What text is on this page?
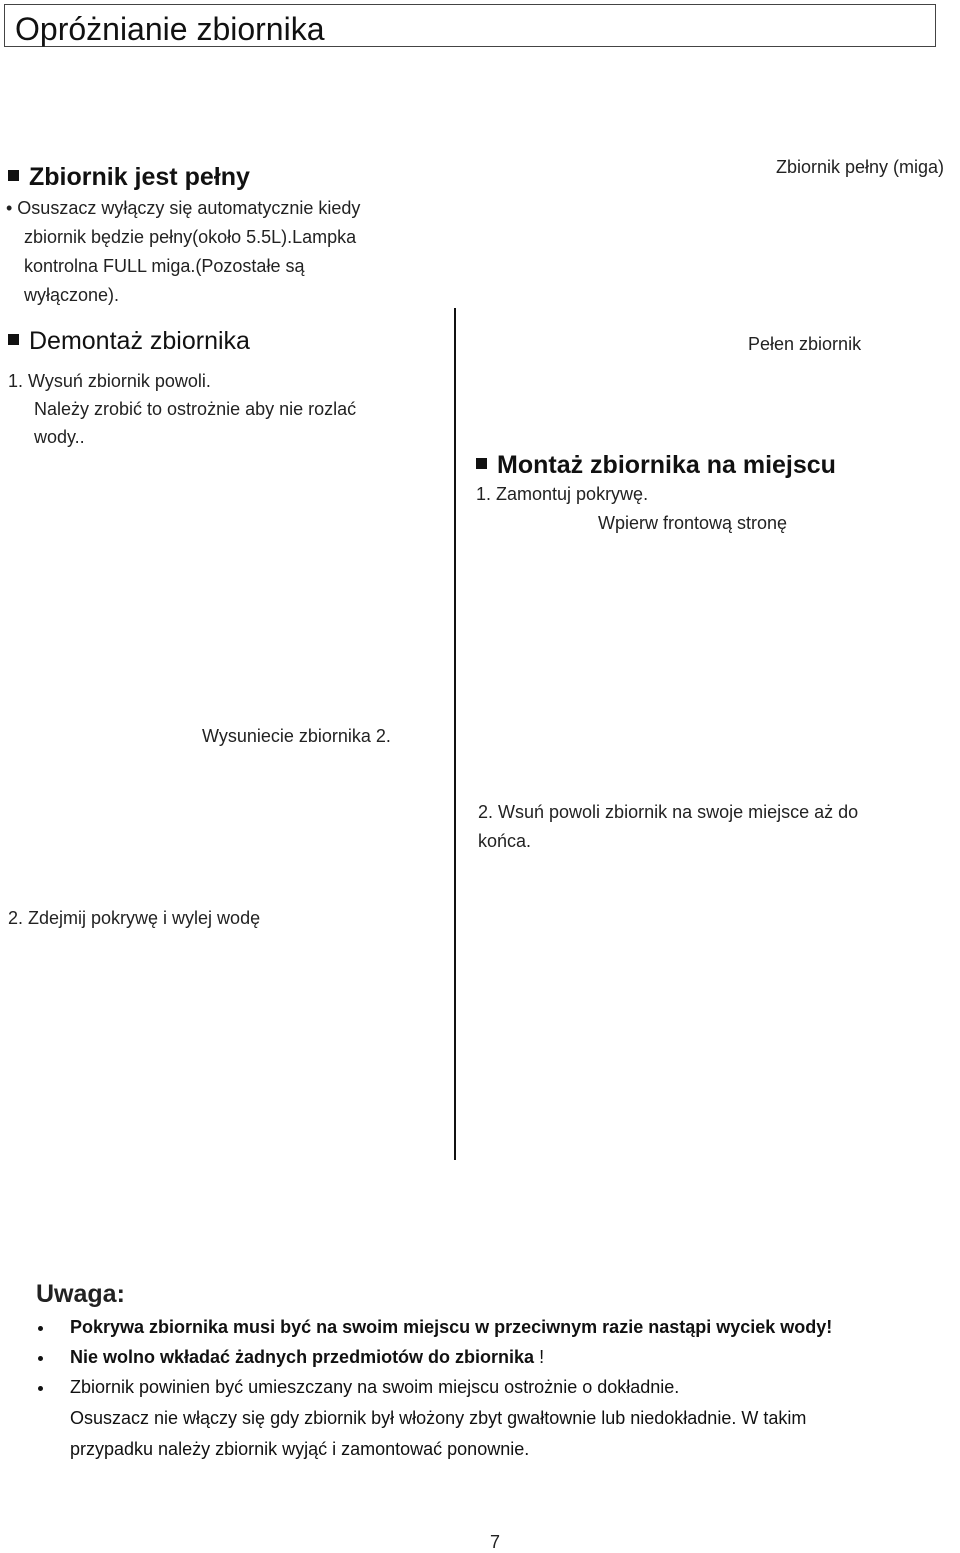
Opróżnianie zbiornika
Zbiornik jest pełny
• Osuszacz wyłączy się automatycznie kiedy
zbiornik będzie pełny(około 5.5L).Lampka
kontrolna FULL miga.(Pozostałe są
wyłączone).
Demontaż zbiornika
1. Wysuń zbiornik powoli.
Należy zrobić to ostrożnie aby nie rozlać
wody..
Wysuniecie zbiornika 2.
2. Zdejmij pokrywę i wylej wodę
Zbiornik pełny (miga)
Pełen zbiornik
Montaż zbiornika na miejscu
1. Zamontuj pokrywę.
Wpierw frontową stronę
2. Wsuń powoli zbiornik na swoje miejsce aż do
końca.
Uwaga:
Pokrywa zbiornika musi być na swoim miejscu w przeciwnym razie nastąpi wyciek wody!
Nie wolno wkładać żadnych przedmiotów do zbiornika !
Zbiornik powinien być umieszczany na swoim miejscu ostrożnie o dokładnie.
Osuszacz nie włączy się gdy zbiornik był włożony zbyt gwałtownie lub niedokładnie. W takim
przypadku należy zbiornik wyjąć i zamontować ponownie.
7
